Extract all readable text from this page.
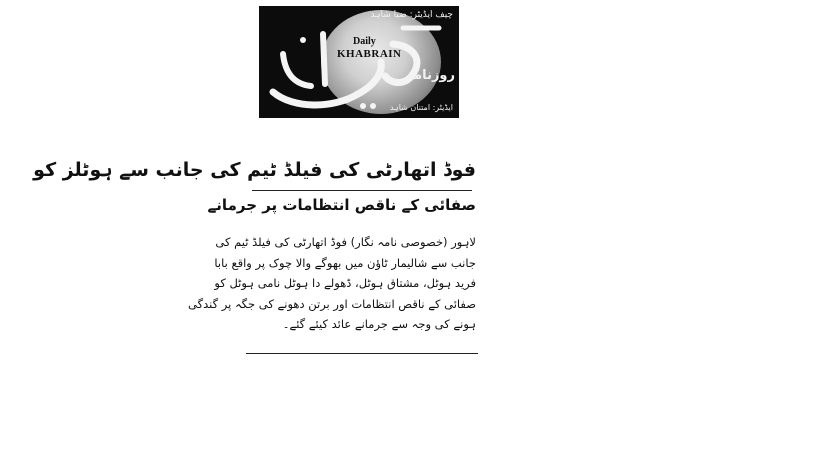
چیف ایڈیٹر: ضیا شاہد
Daily
KHABRAIN
روزنامہ
ایڈیٹر: امتنان شاہد
فوڈ اتھارٹی کی فیلڈ ٹیم کی جانب سے ہوٹلز کو
صفائی کے ناقص انتظامات پر جرمانے
لاہور (خصوصی نامہ نگار) فوڈ اتھارٹی کی فیلڈ ٹیم کی
جانب سے شالیمار ٹاؤن میں بھوگے والا چوک پر واقع بابا
فرید ہوٹل، مشتاق ہوٹل، ڈھولے دا ہوٹل نامی ہوٹل کو
صفائی کے ناقص انتظامات اور برتن دھونے کی جگہ پر گندگی
ہونے کی وجہ سے جرمانے عائد کیئے گئے۔
